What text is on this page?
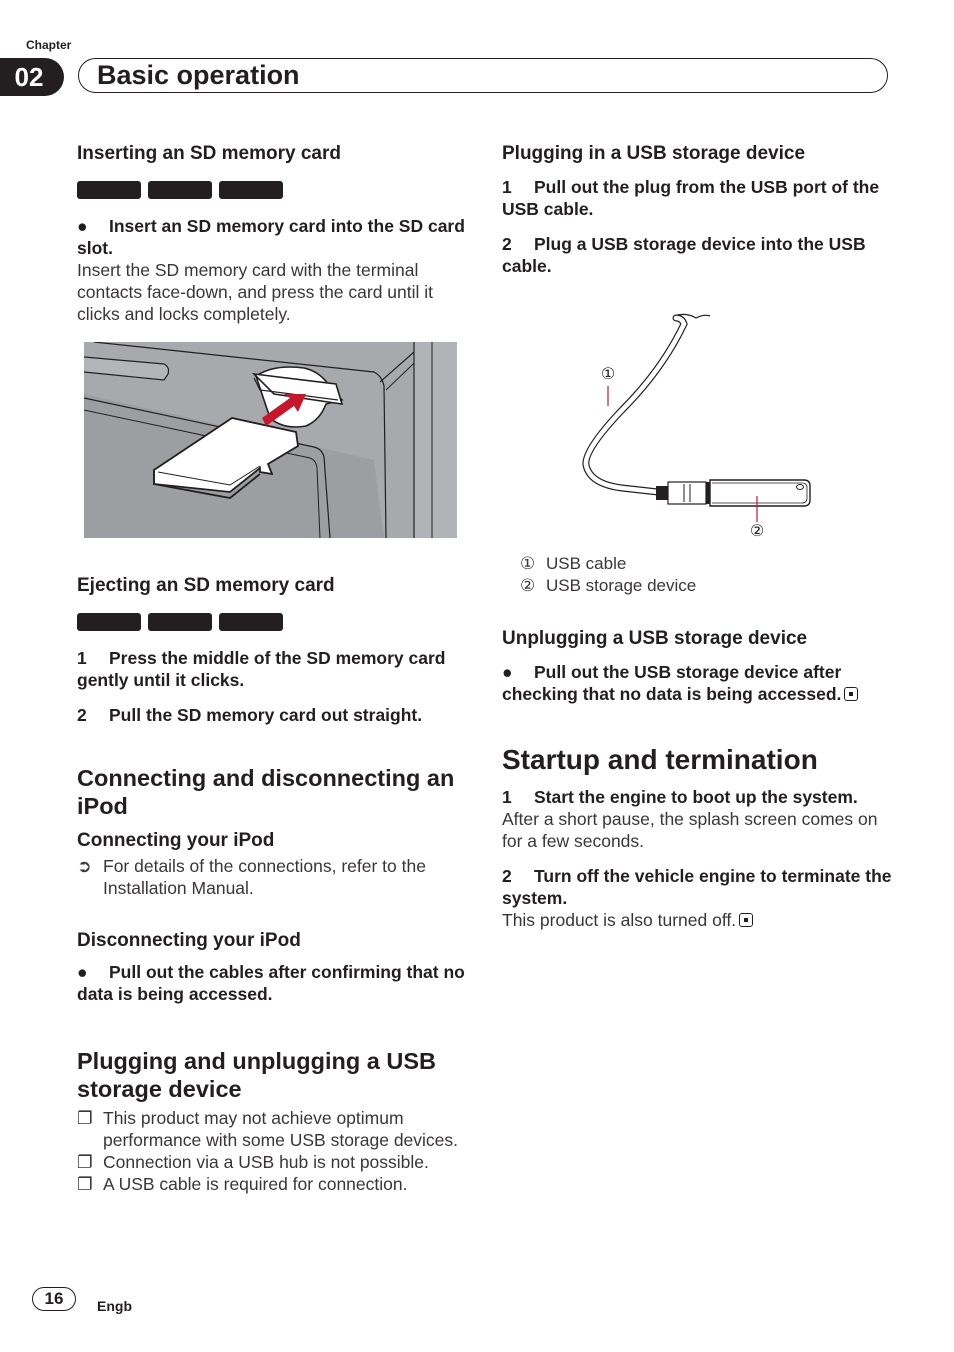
Chapter
02	Basic operation
Inserting an SD memory card
● Insert an SD memory card into the SD card slot.
Insert the SD memory card with the terminal contacts face-down, and press the card until it clicks and locks completely.
Ejecting an SD memory card
1 Press the middle of the SD memory card gently until it clicks.
2 Pull the SD memory card out straight.
Connecting and disconnecting an iPod
Connecting your iPod
➲ For details of the connections, refer to the Installation Manual.
Disconnecting your iPod
● Pull out the cables after confirming that no data is being accessed.
Plugging and unplugging a USB storage device
❐ This product may not achieve optimum performance with some USB storage devices.
❐ Connection via a USB hub is not possible.
❐ A USB cable is required for connection.
Plugging in a USB storage device
1 Pull out the plug from the USB port of the USB cable.
2 Plug a USB storage device into the USB cable.
①
②
① USB cable
② USB storage device
Unplugging a USB storage device
● Pull out the USB storage device after checking that no data is being accessed.
Startup and termination
1 Start the engine to boot up the system.
After a short pause, the splash screen comes on for a few seconds.
2 Turn off the vehicle engine to terminate the system.
This product is also turned off.
16	Engb
